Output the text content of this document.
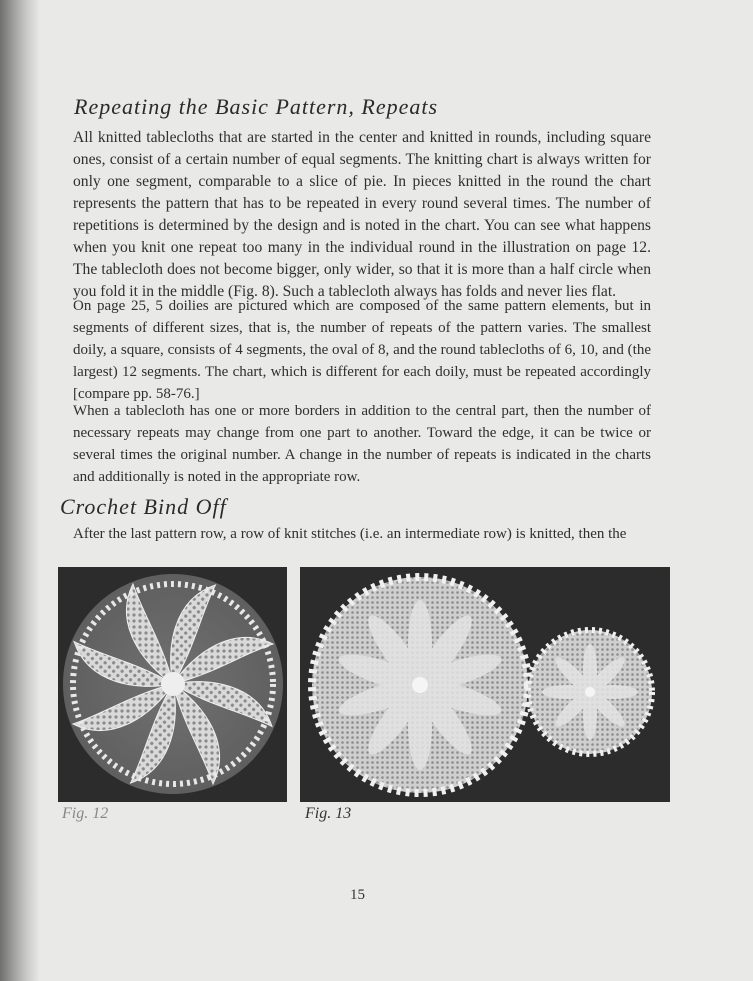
Repeating the Basic Pattern, Repeats

All knitted tablecloths that are started in the center and knitted in rounds, including square ones, consist of a certain number of equal segments. The knitting chart is always written for only one segment, comparable to a slice of pie. In pieces knitted in the round the chart represents the pattern that has to be repeated in every round several times. The number of repetitions is determined by the design and is noted in the chart. You can see what happens when you knit one repeat too many in the individual round in the illustration on page 12. The tablecloth does not become bigger, only wider, so that it is more than a half circle when you fold it in the middle (Fig. 8). Such a tablecloth always has folds and never lies flat.

On page 25, 5 doilies are pictured which are composed of the same pattern elements, but in segments of different sizes, that is, the number of repeats of the pattern varies. The smallest doily, a square, consists of 4 segments, the oval of 8, and the round tablecloths of 6, 10, and (the largest) 12 segments. The chart, which is different for each doily, must be repeated accordingly [compare pp. 58-76.]

When a tablecloth has one or more borders in addition to the central part, then the number of necessary repeats may change from one part to another. Toward the edge, it can be twice or several times the original number. A change in the number of repeats is indicated in the charts and additionally is noted in the appropriate row.

Crochet Bind Off

After the last pattern row, a row of knit stitches (i.e. an intermediate row) is knitted, then the

Fig. 12	Fig. 13

15
